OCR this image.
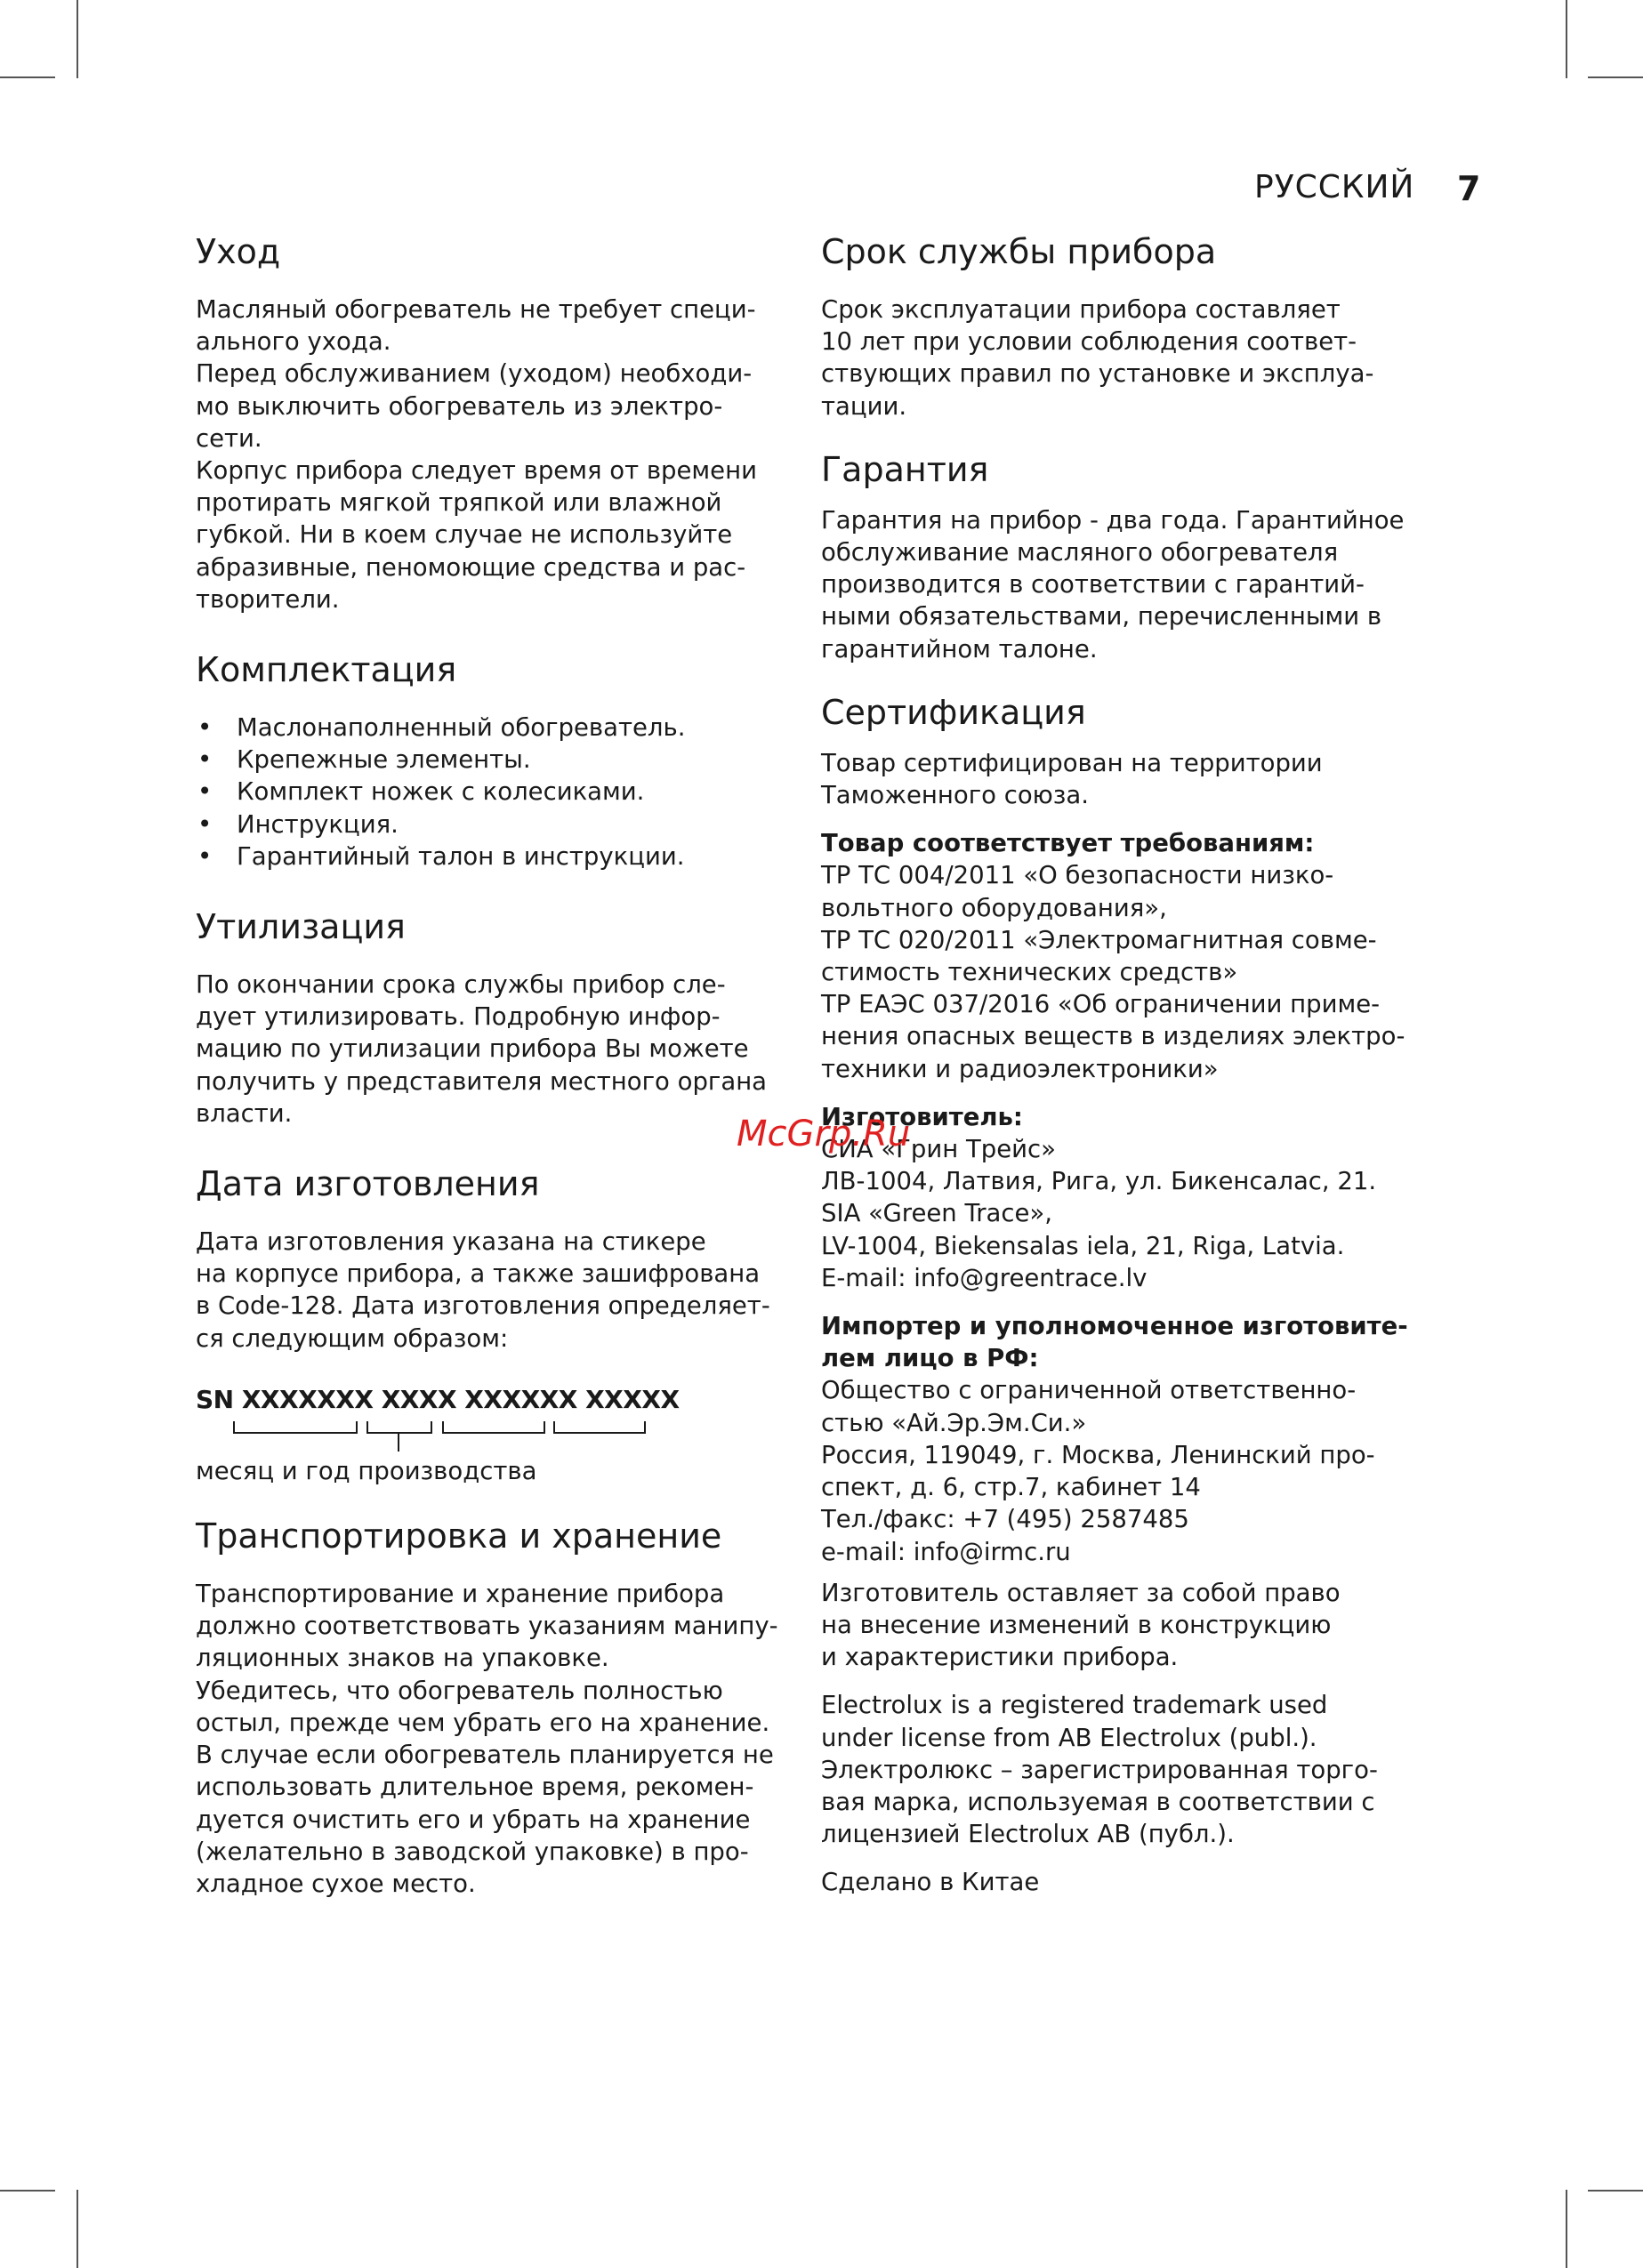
РУССКИЙ 7
Уход

Масляный обогреватель не требует специ-

ального ухода.

Перед обслуживанием (уходом) необходи-

мо выключить обогреватель из электро-

сети.

Корпус прибора следует время от времени

протирать мягкой тряпкой или влажной

губкой. Ни в коем случае не используйте

абразивные, пеномоющие средства и рас-

творители.

Комплектация
• Маслонаполненный обогреватель.
• Крепежные элементы.
• Комплект ножек с колесиками.
• Инструкция.
• Гарантийный талон в инструкции.
Утилизация

По окончании срока службы прибор сле-

дует утилизировать. Подробную инфор-

мацию по утилизации прибора Вы можете

получить у представителя местного органа

власти.

Дата изготовления

Дата изготовления указана на стикере

на корпусе прибора, а также зашифрована

в Code-128. Дата изготовления определяет-

ся следующим образом:

SN XXXXXXX XXXX XXXXXX XXXXX

месяц и год производства

Транспортировка и хранение

Транспортирование и хранение прибора

должно соответствовать указаниям манипу-

ляционных знаков на упаковке.

Убедитесь, что обогреватель полностью

остыл, прежде чем убрать его на хранение.

В случае если обогреватель планируется не

использовать длительное время, рекомен-

дуется очистить его и убрать на хранение

(желательно в заводской упаковке) в про-

хладное сухое место.

Срок службы прибора

Срок эксплуатации прибора составляет

10 лет при условии соблюдения соответ-

ствующих правил по установке и эксплуа-

тации.

Гарантия

Гарантия на прибор - два года. Гарантийное

обслуживание масляного обогревателя

производится в соответствии с гарантий-

ными обязательствами, перечисленными в

гарантийном талоне.

Сертификация

Товар сертифицирован на территории

Таможенного союза.

Товар соответствует требованиям:

ТР ТС 004/2011 «О безопасности низко-

вольтного оборудования»,

ТР ТС 020/2011 «Электромагнитная совме-

стимость технических средств»

ТР ЕАЭС 037/2016 «Об ограничении приме-

нения опасных веществ в изделиях электро-

техники и радиоэлектроники»

Изготовитель:

СИА «Грин Трейс»

ЛВ-1004, Латвия, Рига, ул. Бикенсалас, 21.

SIA «Green Trace»,

LV-1004, Biekensalas iela, 21, Riga, Latvia.

E-mail: info@greentrace.lv

Импортер и уполномоченное изготовите-

лем лицо в РФ:

Общество с ограниченной ответственно-

стью «Ай.Эр.Эм.Си.»

Россия, 119049, г. Москва, Ленинский про-

спект, д. 6, стр.7, кабинет 14

Тел./факс: +7 (495) 2587485

e-mail: info@irmc.ru

Изготовитель оставляет за собой право

на внесение изменений в конструкцию

и характеристики прибора.

Electrolux is a registered trademark used

under license from AB Electrolux (publ.).

Электролюкс – зарегистрированная торго-

вая марка, используемая в соответствии с

лицензией Electrolux AB (публ.).

Сделано в Китае

McGrp.Ru
